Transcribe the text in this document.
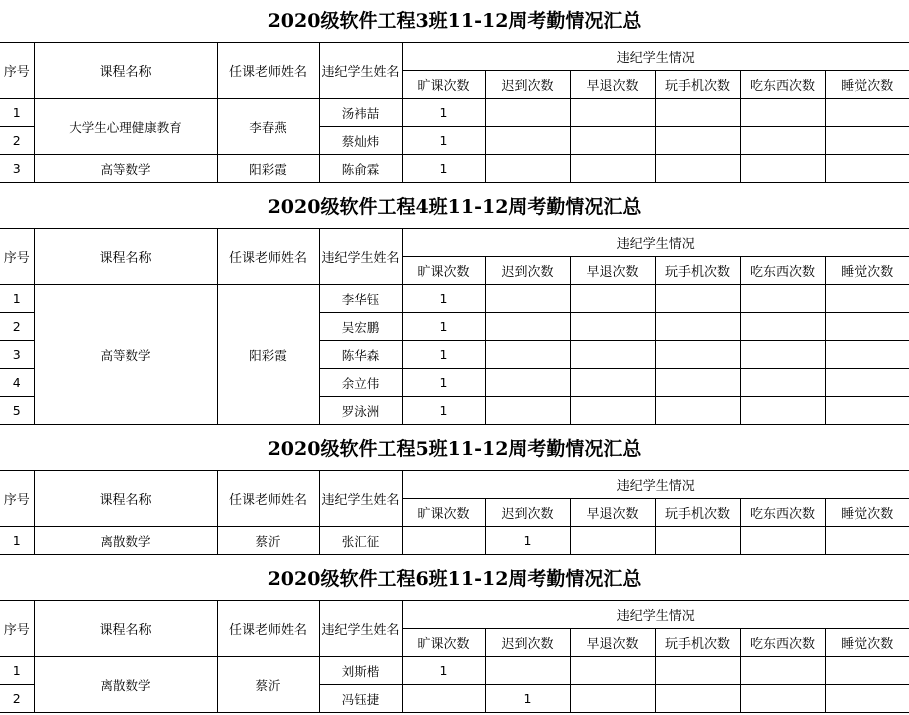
2020级软件工程3班11-12周考勤情况汇总
序号	课程名称	任课老师姓名	违纪学生姓名	违纪学生情况					
				旷课次数	迟到次数	早退次数	玩手机次数	吃东西次数	睡觉次数
1	大学生心理健康教育	李春燕	汤袆喆	1					
2			蔡灿炜	1					
3	高等数学	阳彩霞	陈俞霖	1					
2020级软件工程4班11-12周考勤情况汇总
序号	课程名称	任课老师姓名	违纪学生姓名	违纪学生情况					
				旷课次数	迟到次数	早退次数	玩手机次数	吃东西次数	睡觉次数
1	高等数学	阳彩霞	李华钰	1					
2			吴宏鹏	1					
3			陈华森	1					
4			余立伟	1					
5			罗泳洲	1					
2020级软件工程5班11-12周考勤情况汇总
序号	课程名称	任课老师姓名	违纪学生姓名	违纪学生情况					
				旷课次数	迟到次数	早退次数	玩手机次数	吃东西次数	睡觉次数
1	离散数学	蔡沂	张汇征		1				
2020级软件工程6班11-12周考勤情况汇总
序号	课程名称	任课老师姓名	违纪学生姓名	违纪学生情况					
				旷课次数	迟到次数	早退次数	玩手机次数	吃东西次数	睡觉次数
1	离散数学	蔡沂	刘斯楷	1					
2			冯钰捷		1				
